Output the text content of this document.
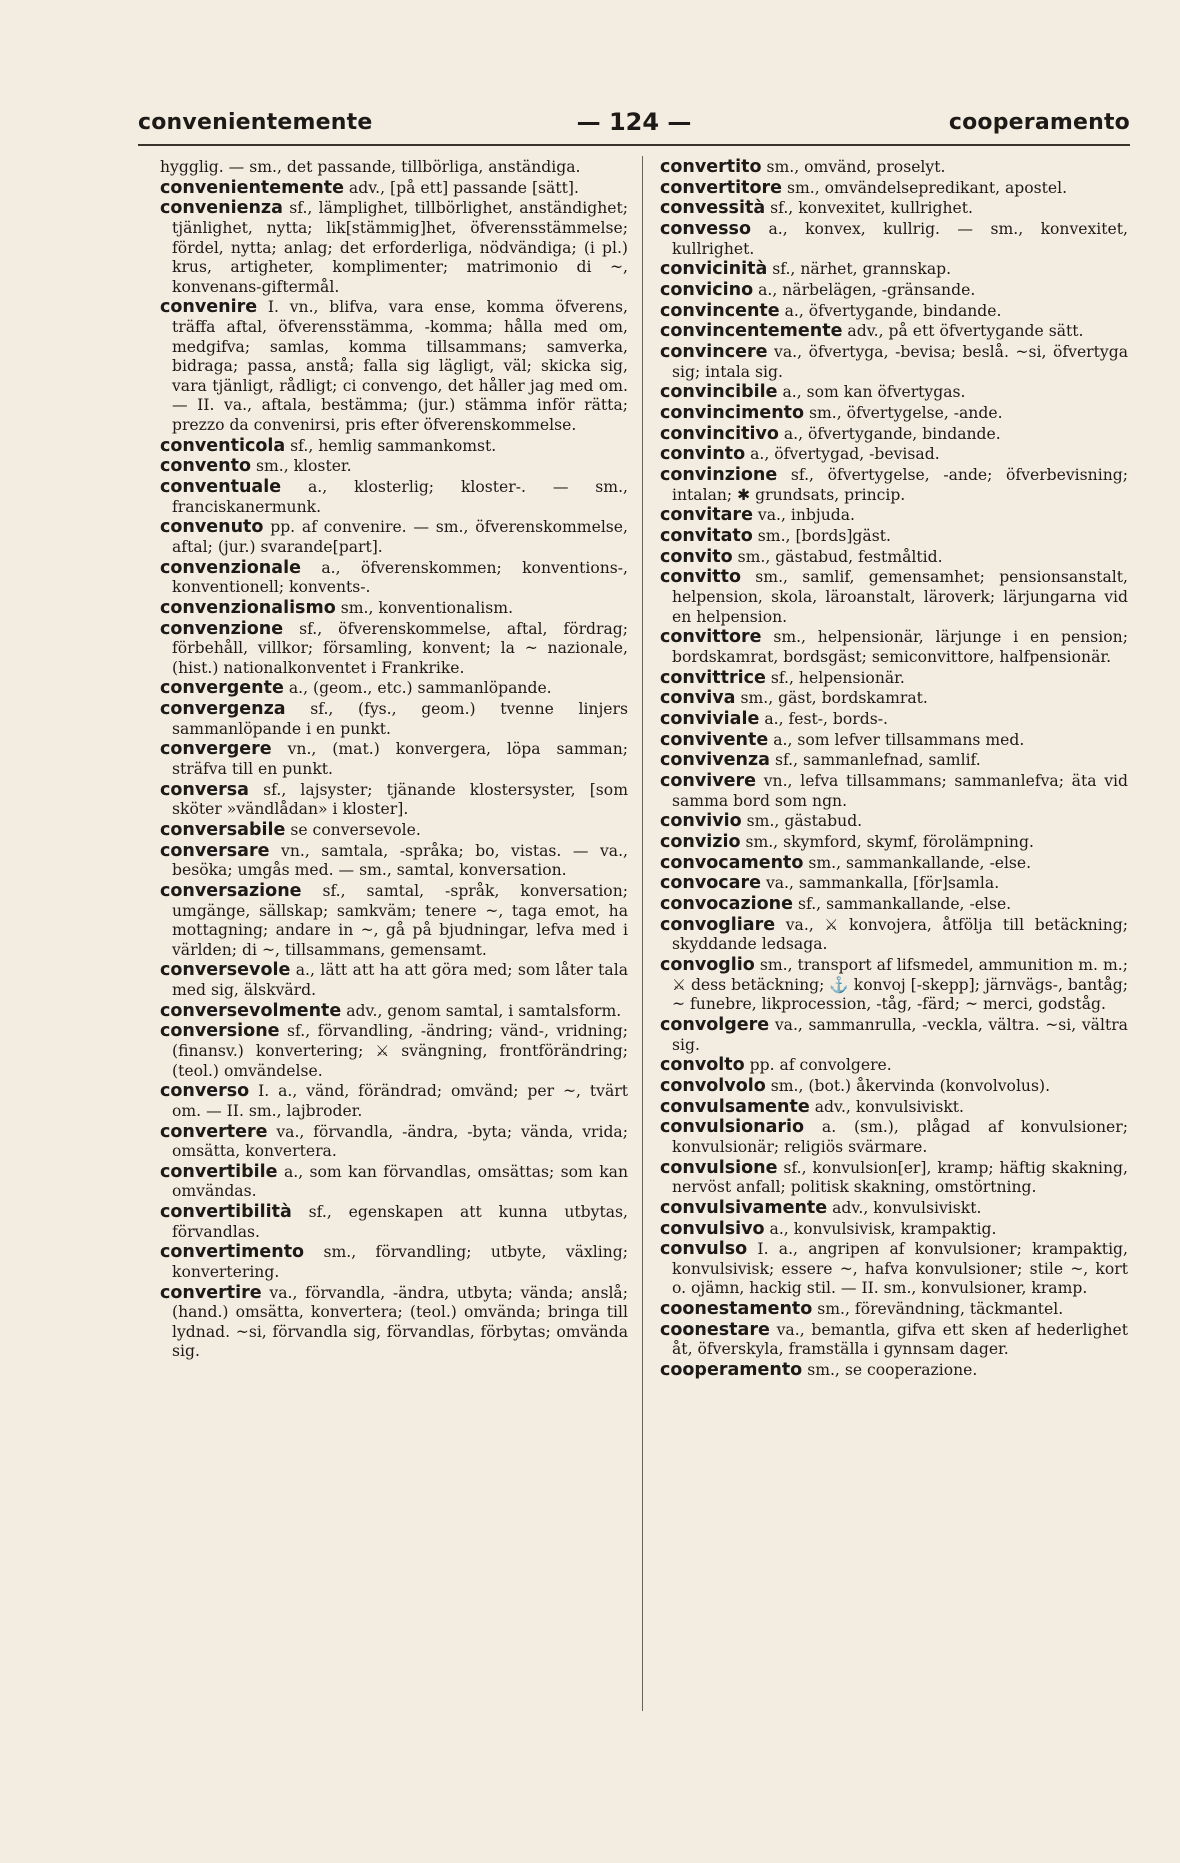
convenientemente	— 124 —	cooperamento

hygglig. — sm., det passande, tillbörliga, anständiga.

convenientemente adv., [på ett] passande [sätt].

convenienza sf., lämplighet, tillbörlighet, anständighet; tjänlighet, nytta; lik[stämmig]het, öfverensstämmelse; fördel, nytta; anlag; det erforderliga, nödvändiga; (i pl.) krus, artigheter, komplimenter; matrimonio di ~, konvenans-giftermål.

convenire I. vn., blifva, vara ense, komma öfverens, träffa aftal, öfverensstämma, -komma; hålla med om, medgifva; samlas, komma tillsammans; samverka, bidraga; passa, anstå; falla sig lägligt, väl; skicka sig, vara tjänligt, rådligt; ci convengo, det håller jag med om. — II. va., aftala, bestämma; (jur.) stämma inför rätta; prezzo da convenirsi, pris efter öfverenskommelse.

conventicola sf., hemlig sammankomst.

convento sm., kloster.

conventuale a., klosterlig; kloster-. — sm., franciskanermunk.

convenuto pp. af convenire. — sm., öfverenskommelse, aftal; (jur.) svarande[part].

convenzionale a., öfverenskommen; konventions-, konventionell; konvents-.

convenzionalismo sm., konventionalism.

convenzione sf., öfverenskommelse, aftal, fördrag; förbehåll, villkor; församling, konvent; la ~ nazionale, (hist.) nationalkonventet i Frankrike.

convergente a., (geom., etc.) sammanlöpande.

convergenza sf., (fys., geom.) tvenne linjers sammanlöpande i en punkt.

convergere vn., (mat.) konvergera, löpa samman; sträfva till en punkt.

conversa sf., lajsyster; tjänande klostersyster, [som sköter »vändlådan» i kloster].

conversabile se conversevole.

conversare vn., samtala, -språka; bo, vistas. — va., besöka; umgås med. — sm., samtal, konversation.

conversazione sf., samtal, -språk, konversation; umgänge, sällskap; samkväm; tenere ~, taga emot, ha mottagning; andare in ~, gå på bjudningar, lefva med i världen; di ~, tillsammans, gemensamt.

conversevole a., lätt att ha att göra med; som låter tala med sig, älskvärd.

conversevolmente adv., genom samtal, i samtalsform.

conversione sf., förvandling, -ändring; vänd-, vridning; (finansv.) konvertering; ⚔ svängning, frontförändring; (teol.) omvändelse.

converso I. a., vänd, förändrad; omvänd; per ~, tvärt om. — II. sm., lajbroder.

convertere va., förvandla, -ändra, -byta; vända, vrida; omsätta, konvertera.

convertibile a., som kan förvandlas, omsättas; som kan omvändas.

convertibilità sf., egenskapen att kunna utbytas, förvandlas.

convertimento sm., förvandling; utbyte, växling; konvertering.

convertire va., förvandla, -ändra, utbyta; vända; anslå; (hand.) omsätta, konvertera; (teol.) omvända; bringa till lydnad. ~si, förvandla sig, förvandlas, förbytas; omvända sig.

convertito sm., omvänd, proselyt.

convertitore sm., omvändelsepredikant, apostel.

convessità sf., konvexitet, kullrighet.

convesso a., konvex, kullrig. — sm., konvexitet, kullrighet.

convicinità sf., närhet, grannskap.

convicino a., närbelägen, -gränsande.

convincente a., öfvertygande, bindande.

convincentemente adv., på ett öfvertygande sätt.

convincere va., öfvertyga, -bevisa; beslå. ~si, öfvertyga sig; intala sig.

convincibile a., som kan öfvertygas.

convincimento sm., öfvertygelse, -ande.

convincitivo a., öfvertygande, bindande.

convinto a., öfvertygad, -bevisad.

convinzione sf., öfvertygelse, -ande; öfverbevisning; intalan; ✱ grundsats, princip.

convitare va., inbjuda.

convitato sm., [bords]gäst.

convito sm., gästabud, festmåltid.

convitto sm., samlif, gemensamhet; pensionsanstalt, helpension, skola, läroanstalt, läroverk; lärjungarna vid en helpension.

convittore sm., helpensionär, lärjunge i en pension; bordskamrat, bordsgäst; semiconvittore, halfpensionär.

convittrice sf., helpensionär.

conviva sm., gäst, bordskamrat.

conviviale a., fest-, bords-.

convivente a., som lefver tillsammans med.

convivenza sf., sammanlefnad, samlif.

convivere vn., lefva tillsammans; sammanlefva; äta vid samma bord som ngn.

convivio sm., gästabud.

convizio sm., skymford, skymf, förolämpning.

convocamento sm., sammankallande, -else.

convocare va., sammankalla, [för]samla.

convocazione sf., sammankallande, -else.

convogliare va., ⚔ konvojera, åtfölja till betäckning; skyddande ledsaga.

convoglio sm., transport af lifsmedel, ammunition m. m.; ⚔ dess betäckning; ⚓ konvoj [-skepp]; järnvägs-, bantåg; ~ funebre, likprocession, -tåg, -färd; ~ merci, godståg.

convolgere va., sammanrulla, -veckla, vältra. ~si, vältra sig.

convolto pp. af convolgere.

convolvolo sm., (bot.) åkervinda (konvolvolus).

convulsamente adv., konvulsiviskt.

convulsionario a. (sm.), plågad af konvulsioner; konvulsionär; religiös svärmare.

convulsione sf., konvulsion[er], kramp; häftig skakning, nervöst anfall; politisk skakning, omstörtning.

convulsivamente adv., konvulsiviskt.

convulsivo a., konvulsivisk, krampaktig.

convulso I. a., angripen af konvulsioner; krampaktig, konvulsivisk; essere ~, hafva konvulsioner; stile ~, kort o. ojämn, hackig stil. — II. sm., konvulsioner, kramp.

coonestamento sm., förevändning, täckmantel.

coonestare va., bemantla, gifva ett sken af hederlighet åt, öfverskyla, framställa i gynnsam dager.

cooperamento sm., se cooperazione.
